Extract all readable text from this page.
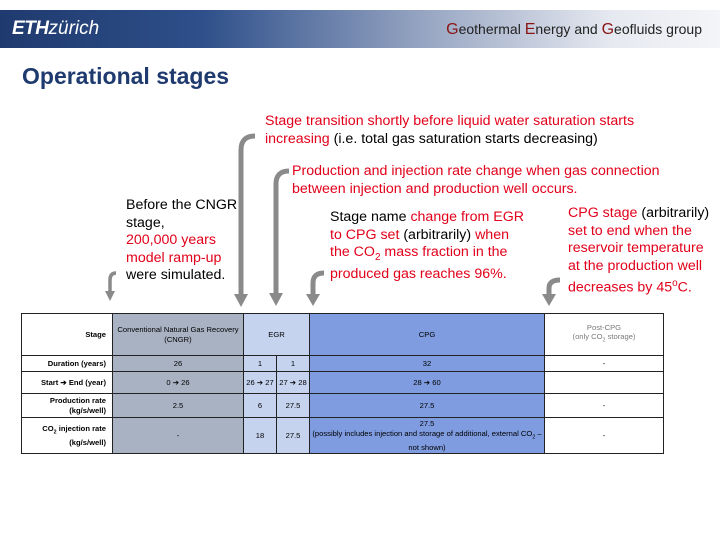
ETHzürich	Geothermal Energy and Geofluids group
Operational stages
Stage transition shortly before liquid water saturation starts increasing (i.e. total gas saturation starts decreasing)
Production and injection rate change when gas connection between injection and production well occurs.
Before the CNGR stage,
200,000 years model ramp-up
were simulated.
Stage name change from EGR to CPG set (arbitrarily) when the $CO_2$ mass fraction in the produced gas reaches 96%.
CPG stage (arbitrarily)
set to end when the reservoir temperature at the production well decreases by 45$^o$C.
Stage	Conventional Natural Gas Recovery (CNGR)	EGR		CPG	Post-CPG
(only $CO_2$ storage)
Duration (years)	26	1	1	32	-
Start ➔ End (year)	0 ➔ 26	26 ➔ 27	27 ➔ 28	28 ➔ 60	
Production rate (kg/s/well)	2.5	6	27.5	27.5	-
$CO_2$ injection rate (kg/s/well)	-	18	27.5	27.5
(possibly includes injection and storage of additional, external $CO_2$ – not shown)	-
